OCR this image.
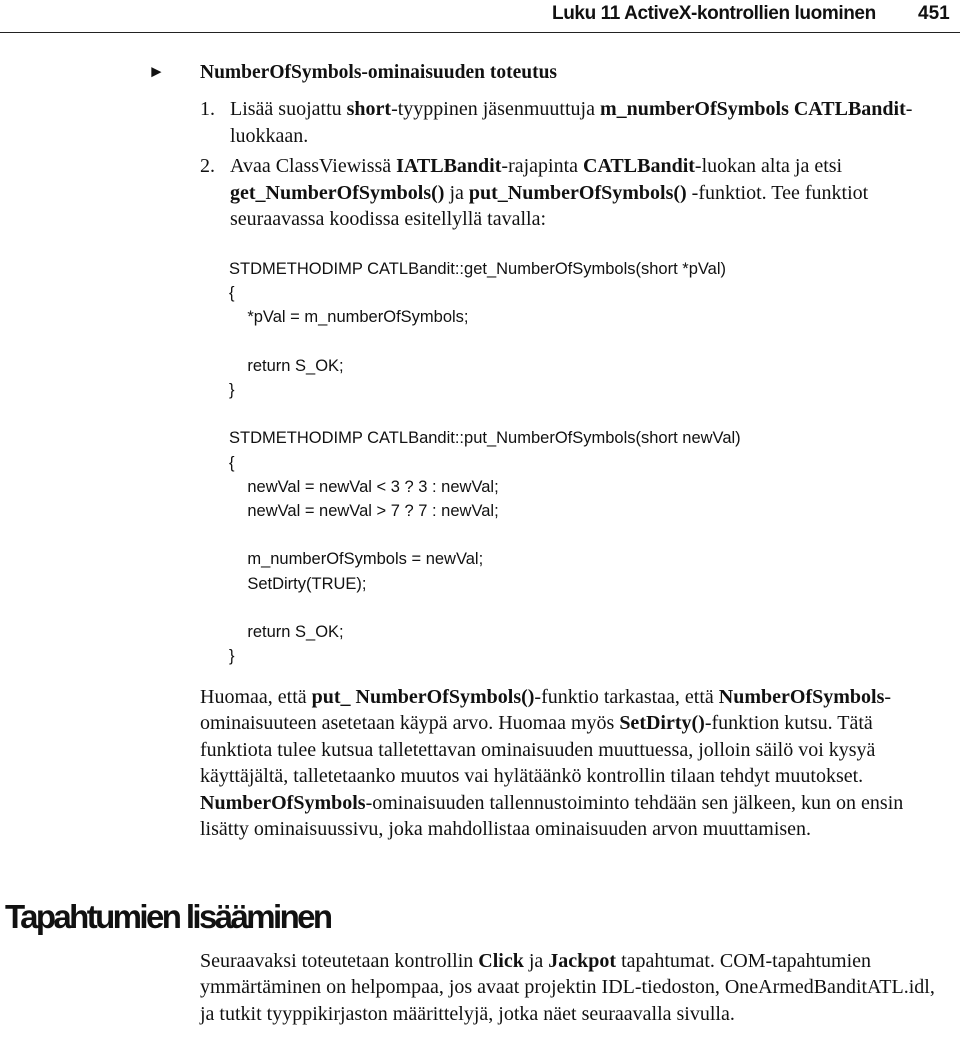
Luku 11 ActiveX-kontrollien luominen 451
► NumberOfSymbols-ominaisuuden toteutus
1. Lisää suojattu short-tyyppinen jäsenmuuttuja m_numberOfSymbols CATLBandit-luokkaan.
2. Avaa ClassViewissä IATLBandit-rajapinta CATLBandit-luokan alta ja etsi get_NumberOfSymbols() ja put_NumberOfSymbols() -funktiot. Tee funktiot seuraavassa koodissa esitellyllä tavalla:
STDMETHODIMP CATLBandit::get_NumberOfSymbols(short *pVal)
{
*pVal = m_numberOfSymbols;

return S_OK;
}

STDMETHODIMP CATLBandit::put_NumberOfSymbols(short newVal)
{
newVal = newVal < 3 ? 3 : newVal;
newVal = newVal > 7 ? 7 : newVal;

m_numberOfSymbols = newVal;
SetDirty(TRUE);

return S_OK;
}

Huomaa, että put_ NumberOfSymbols()-funktio tarkastaa, että NumberOfSymbols-ominaisuuteen asetetaan käypä arvo. Huomaa myös SetDirty()-funktion kutsu. Tätä funktiota tulee kutsua talletettavan ominaisuuden muuttuessa, jolloin säilö voi kysyä käyttäjältä, talletetaanko muutos vai hylätäänkö kontrollin tilaan tehdyt muutokset. NumberOfSymbols-ominaisuuden tallennustoiminto tehdään sen jälkeen, kun on ensin lisätty ominaisuussivu, joka mahdollistaa ominaisuuden arvon muuttamisen.

Tapahtumien lisääminen

Seuraavaksi toteutetaan kontrollin Click ja Jackpot tapahtumat. COM-tapahtumien ymmärtäminen on helpompaa, jos avaat projektin IDL-tiedoston, OneArmedBanditATL.idl, ja tutkit tyyppikirjaston määrittelyjä, jotka näet seuraavalla sivulla.
